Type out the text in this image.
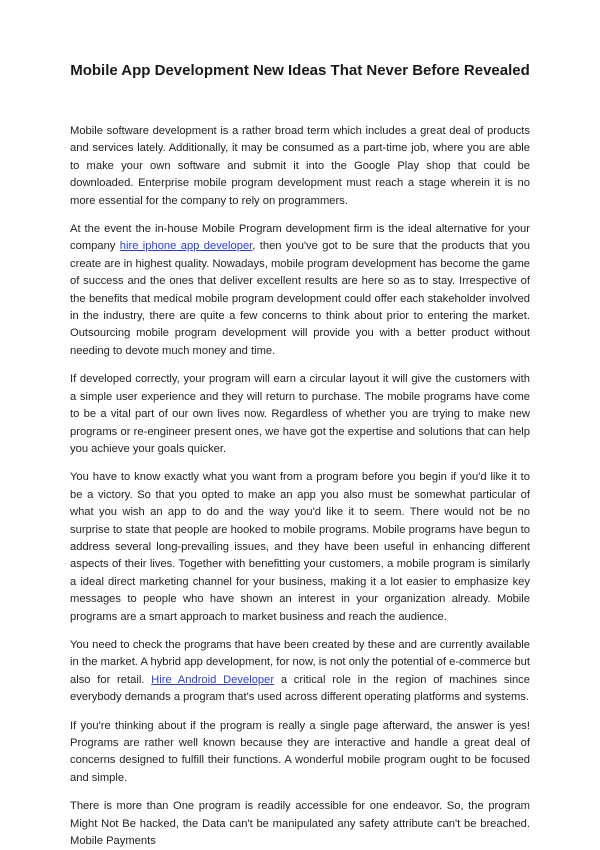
Mobile App Development New Ideas That Never Before Revealed

Mobile software development is a rather broad term which includes a great deal of products and services lately. Additionally, it may be consumed as a part-time job, where you are able to make your own software and submit it into the Google Play shop that could be downloaded. Enterprise mobile program development must reach a stage wherein it is no more essential for the company to rely on programmers.

At the event the in-house Mobile Program development firm is the ideal alternative for your company hire iphone app developer, then you've got to be sure that the products that you create are in highest quality. Nowadays, mobile program development has become the game of success and the ones that deliver excellent results are here so as to stay. Irrespective of the benefits that medical mobile program development could offer each stakeholder involved in the industry, there are quite a few concerns to think about prior to entering the market. Outsourcing mobile program development will provide you with a better product without needing to devote much money and time.

If developed correctly, your program will earn a circular layout it will give the customers with a simple user experience and they will return to purchase. The mobile programs have come to be a vital part of our own lives now. Regardless of whether you are trying to make new programs or re-engineer present ones, we have got the expertise and solutions that can help you achieve your goals quicker.

You have to know exactly what you want from a program before you begin if you'd like it to be a victory. So that you opted to make an app you also must be somewhat particular of what you wish an app to do and the way you'd like it to seem. There would not be no surprise to state that people are hooked to mobile programs. Mobile programs have begun to address several long-prevailing issues, and they have been useful in enhancing different aspects of their lives. Together with benefitting your customers, a mobile program is similarly a ideal direct marketing channel for your business, making it a lot easier to emphasize key messages to people who have shown an interest in your organization already. Mobile programs are a smart approach to market business and reach the audience.

You need to check the programs that have been created by these and are currently available in the market. A hybrid app development, for now, is not only the potential of e-commerce but also for retail. Hire Android Developer a critical role in the region of machines since everybody demands a program that's used across different operating platforms and systems.

If you're thinking about if the program is really a single page afterward, the answer is yes! Programs are rather well known because they are interactive and handle a great deal of concerns designed to fulfill their functions. A wonderful mobile program ought to be focused and simple.

There is more than One program is readily accessible for one endeavor. So, the program Might Not Be hacked, the Data can't be manipulated any safety attribute can't be breached. Mobile Payments
